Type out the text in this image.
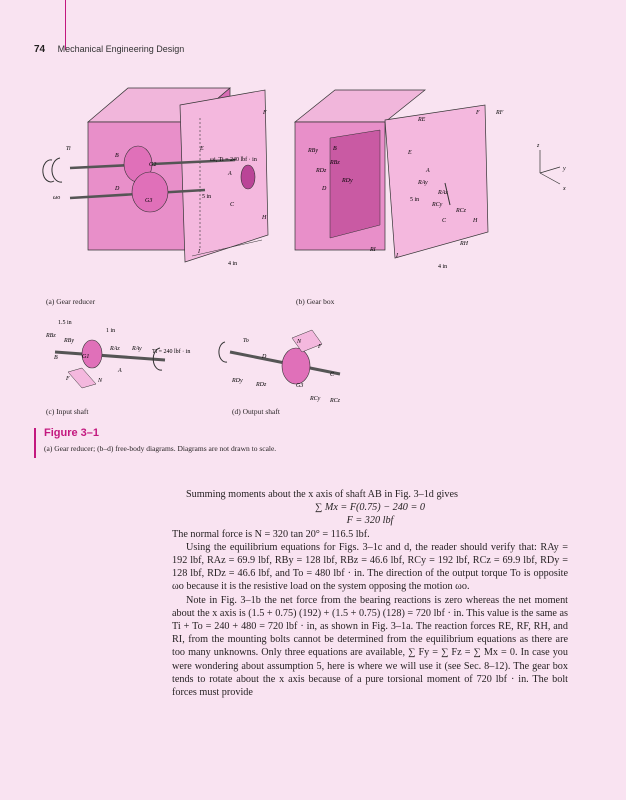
74 Mechanical Engineering Design
Ti
ωo
B
G2
D
G3
E
F
A
C
H
I
ωi, Ti = 240 lbf · in
5 in
4 in
RE
F	RF
B
RBy
RBz
RDz
RDy
D
E
A
RAy
RAz
RCy
RCz
C	H
RH
RI
I
5 in
4 in
z
y
x
1.5 in
1 in
Ti = 240 lbf · in
RBz
RBy
B	G1
RAz RAy
A
N
F
To
D
RDy
RDz	G3
N
F
C
RCy RCz
(a) Gear reducer	(b) Gear box
(c) Input shaft	(d) Output shaft
Figure 3–1
(a) Gear reducer; (b–d) free-body diagrams. Diagrams are not drawn to scale.

Summing moments about the x axis of shaft AB in Fig. 3–1d gives

∑ Mx = F(0.75) − 240 = 0

F = 320 lbf

The normal force is N = 320 tan 20° = 116.5 lbf.

Using the equilibrium equations for Figs. 3–1c and d, the reader should verify that: RAy = 192 lbf, RAz = 69.9 lbf, RBy = 128 lbf, RBz = 46.6 lbf, RCy = 192 lbf, RCz = 69.9 lbf, RDy = 128 lbf, RDz = 46.6 lbf, and To = 480 lbf · in. The direction of the output torque To is opposite ωo because it is the resistive load on the system opposing the motion ωo.

Note in Fig. 3–1b the net force from the bearing reactions is zero whereas the net moment about the x axis is (1.5 + 0.75) (192) + (1.5 + 0.75) (128) = 720 lbf · in. This value is the same as Ti + To = 240 + 480 = 720 lbf · in, as shown in Fig. 3–1a. The reaction forces RE, RF, RH, and RI, from the mounting bolts cannot be determined from the equilibrium equations as there are too many unknowns. Only three equations are available, ∑ Fy = ∑ Fz = ∑ Mx = 0. In case you were wondering about assumption 5, here is where we will use it (see Sec. 8–12). The gear box tends to rotate about the x axis because of a pure torsional moment of 720 lbf · in. The bolt forces must provide
